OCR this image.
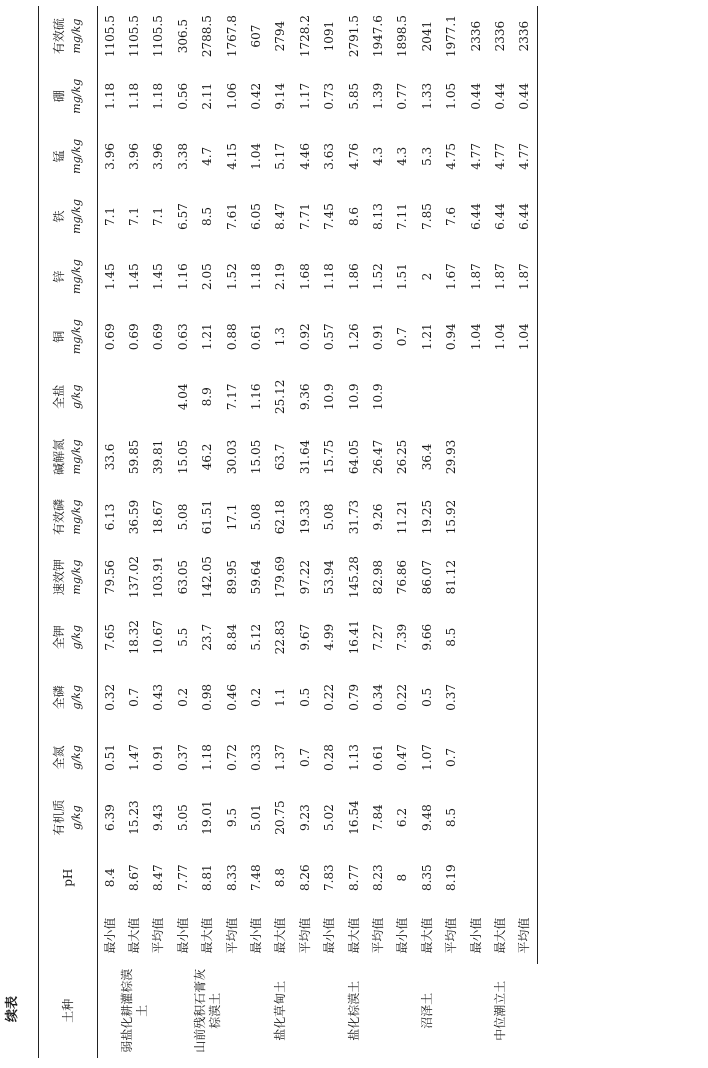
续表	土种		pH	有机质 g/kg	全氮 g/kg	全磷 g/kg	全钾 g/kg	速效钾 mg/kg	有效磷 mg/kg	碱解氮 mg/kg	全盐 g/kg	铜 mg/kg	锌 mg/kg	铁 mg/kg	锰 mg/kg	硼 mg/kg	有效硫 mg/kg

弱盐化耕灌棕漠土	最小值	8.4	6.39	0.51	0.32	7.65	79.56	6.13	33.6		0.69	1.45	7.1	3.96	1.18	1105.5
	最大值	8.67	15.23	1.47	0.7	18.32	137.02	36.59	59.85		0.69	1.45	7.1	3.96	1.18	1105.5
	平均值	8.47	9.43	0.91	0.43	10.67	103.91	18.67	39.81		0.69	1.45	7.1	3.96	1.18	1105.5
山前残积石膏灰棕漠土	最小值	7.77	5.05	0.37	0.2	5.5	63.05	5.08	15.05	4.04	0.63	1.16	6.57	3.38	0.56	306.5
	最大值	8.81	19.01	1.18	0.98	23.7	142.05	61.51	46.2	8.9	1.21	2.05	8.5	4.7	2.11	2788.5
	平均值	8.33	9.5	0.72	0.46	8.84	89.95	17.1	30.03	7.17	0.88	1.52	7.61	4.15	1.06	1767.8
盐化草甸土	最小值	7.48	5.01	0.33	0.2	5.12	59.64	5.08	15.05	1.16	0.61	1.18	6.05	1.04	0.42	607
	最大值	8.8	20.75	1.37	1.1	22.83	179.69	62.18	63.7	25.12	1.3	2.19	8.47	5.17	9.14	2794
	平均值	8.26	9.23	0.7	0.5	9.67	97.22	19.33	31.64	9.36	0.92	1.68	7.71	4.46	1.17	1728.2
盐化棕漠土	最小值	7.83	5.02	0.28	0.22	4.99	53.94	5.08	15.75	10.9	0.57	1.18	7.45	3.63	0.73	1091
	最大值	8.77	16.54	1.13	0.79	16.41	145.28	31.73	64.05	10.9	1.26	1.86	8.6	4.76	5.85	2791.5
	平均值	8.23	7.84	0.61	0.34	7.27	82.98	9.26	26.47	10.9	0.91	1.52	8.13	4.3	1.39	1947.6
沼泽土	最小值	8	6.2	0.47	0.22	7.39	76.86	11.21	26.25		0.7	1.51	7.11	4.3	0.77	1898.5
	最大值	8.35	9.48	1.07	0.5	9.66	86.07	19.25	36.4		1.21	2	7.85	5.3	1.33	2041
	平均值	8.19	8.5	0.7	0.37	8.5	81.12	15.92	29.93		0.94	1.67	7.6	4.75	1.05	1977.1
中位潮立土	最小值										1.04	1.87	6.44	4.77	0.44	2336
	最大值										1.04	1.87	6.44	4.77	0.44	2336
	平均值										1.04	1.87	6.44	4.77	0.44	2336
